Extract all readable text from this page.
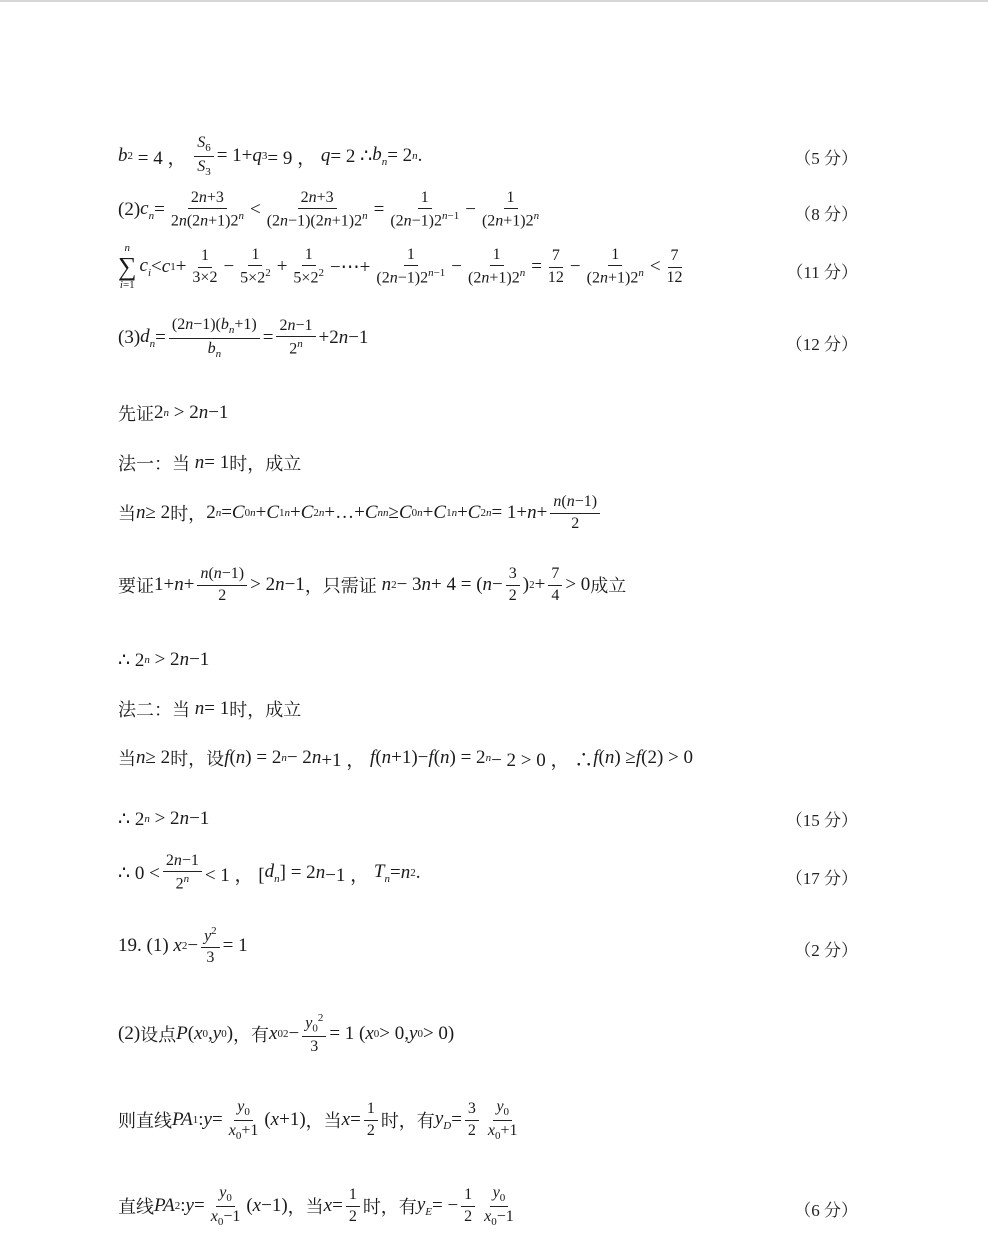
b 2 = 4 ，
$S_6$
$S_3$
= 1+ q 3 = 9 ， q = 2 ∴ $b_n = 2$ n .	（5 分）
(2) $c_n$ =
2n+3
$2n(2n+1)2^n$ <
2n+3
$(2n-1)(2n+1)2^n$ =
1
$(2n-1)2^{n-1}$ −
1
$(2n+1)2^n$	（8 分）
n
∑
i=1
$c_i < c$ 1 +
1
3×2 −
1
$5\times 2^2$ +
1
$5\times 2^2$ −⋯+
1
$(2n-1)2^{n-1}$ −
1
$(2n+1)2^n$ =
7
12 −
1
$(2n+1)2^n$ <
7
12	（11 分）
(3) $d_n$ =
$(2n-1)(b_n+1)$
$b_n$
=
2n−1
$2^n +2$ n −1	（12 分）
先证 2 n > 2 n −1
法一：当
n = 1 时，成立
当 n ≥ 2 时， 2 n = C 0 n + C 1 n + C 2 n +…+ C n n ≥ C 0 n + C 1 n + C 2 n = 1+ n +
n(n−1)
2
要证 1+ n +
n(n−1)
2 > 2 n −1 ，只需证
n 2 − 3 n + 4 = ( n −
3
2 ) 2 +
7
4 > 0 成立
∴ 2 n > 2 n −1
法二：当
n = 1 时，成立
当 n ≥ 2 时，设 f ( n ) = 2 n − 2 n +1 ， f ( n +1)− f ( n ) = 2 n − 2 > 0 ， ∴ f ( n ) ≥ f (2) > 0
∴ 2 n > 2 n −1	（15 分）
∴ 0 <
2n−1
$2^n < 1$ ， [ $d_n$ ] = 2 n −1 ， $T_n = n$ 2 .	（17 分）
19. (1)
x $2 - y^2$
3
= 1	（2 分）
(2) 设点 P ( x 0 , y 0 ) ，有 x 0 2 −
$y_0^2$
3
= 1 ( x 0 > 0, y 0 > 0)
则直线 PA 1 : y =
$y_0$
$x_0+1$ ( x +1) ，当 x =
1
2 时，有 $y_D$ =
3
2
$y_0$
$x_0+1$
直线 PA 2 : y =
$y_0$
$x_0-1$ ( x −1) ，当 x =
1
2 时，有 $y_E$ = −
1
2
$y_0$
$x_0-1$	（6 分）
